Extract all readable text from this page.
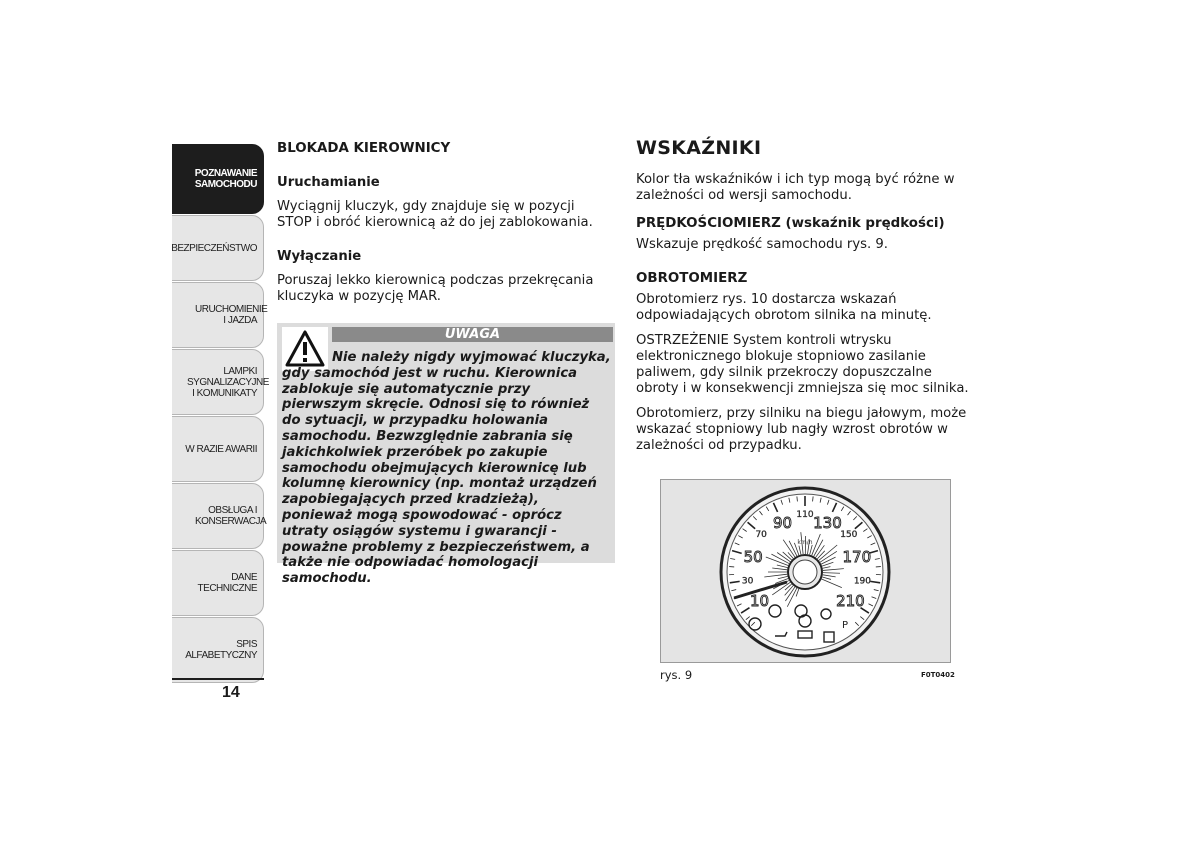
POZNAWANIE SAMOCHODU
BEZPIECZEŃSTWO
URUCHOMIENIE I JAZDA
LAMPKI SYGNALIZACYJNE I KOMUNIKATY
W RAZIE AWARII
OBSŁUGA I KONSERWACJA
DANE TECHNICZNE
SPIS ALFABETYCZNY
14
BLOKADA KIEROWNICY
Uruchamianie

Wyciągnij kluczyk, gdy znajduje się w pozycji STOP i obróć kierownicą aż do jej zablokowania.

Wyłączanie

Poruszaj lekko kierownicą podczas przekręcania kluczyka w pozycję MAR.

UWAGA
Nie należy nigdy wyjmować kluczyka, gdy samochód jest w ruchu. Kierownica zablokuje się automatycznie przy pierwszym skręcie. Odnosi się to również do sytuacji, w przypadku holowania samochodu. Bezwzględnie zabrania się jakichkolwiek przeróbek po zakupie samochodu obejmujących kierownicę lub kolumnę kierownicy (np. montaż urządzeń zapobiegających przed kradzieżą), ponieważ mogą spowodować - oprócz utraty osiągów systemu i gwarancji - poważne problemy z bezpieczeństwem, a także nie odpowiadać homologacji samochodu.
WSKAŹNIKI

Kolor tła wskaźników i ich typ mogą być różne w zależności od wersji samochodu.

PRĘDKOŚCIOMIERZ (wskaźnik prędkości)

Wskazuje prędkość samochodu rys. 9.

OBROTOMIERZ

Obrotomierz rys. 10 dostarcza wskazań odpowiadających obrotom silnika na minutę.

OSTRZEŻENIE System kontroli wtrysku elektronicznego blokuje stopniowo zasilanie paliwem, gdy silnik przekroczy dopuszczalne obroty i w konsekwencji zmniejsza się moc silnika.

Obrotomierz, przy silniku na biegu jałowym, może wskazać stopniowy lub nagły wzrost obrotów w zależności od przypadku.

10
30
50
70
90 110 130
150
170
190
210
km/h
P
rys. 9	F0T0402
